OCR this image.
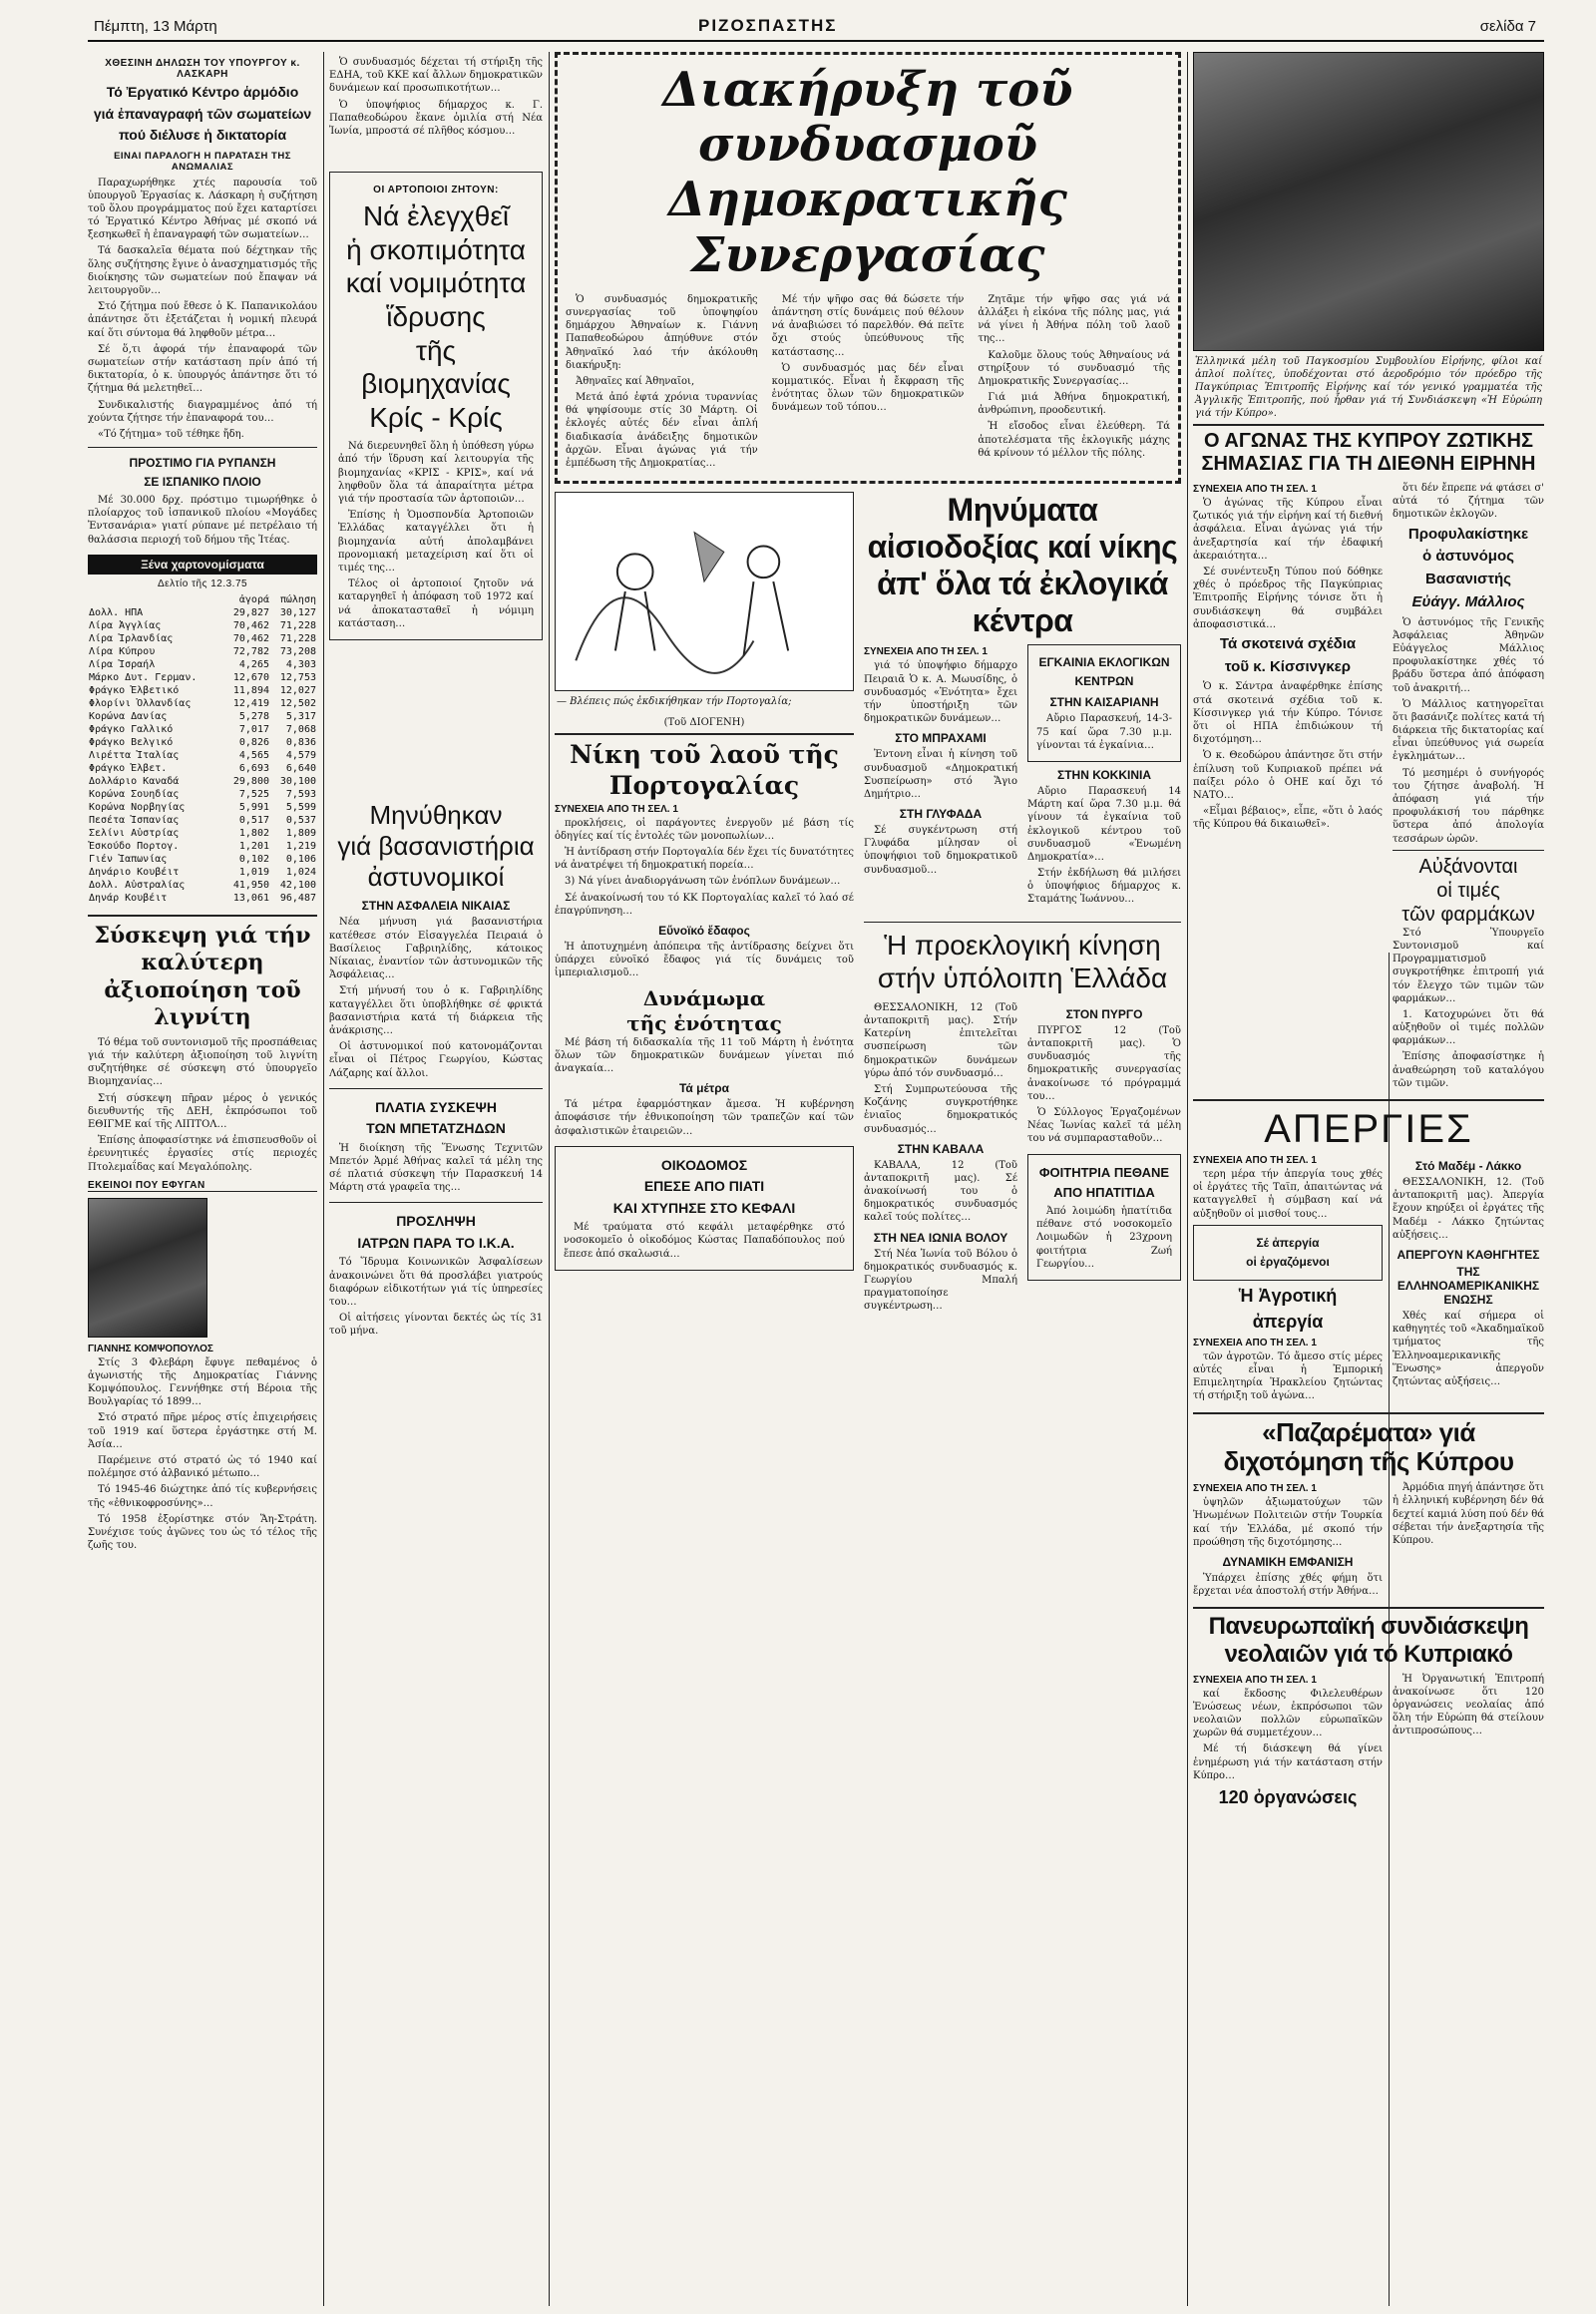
Πέμπτη, 13 Μάρτη	ΡΙΖΟΣΠΑΣΤΗΣ	σελίδα 7
ΧΘΕΣΙΝΗ ΔΗΛΩΣΗ ΤΟΥ ΥΠΟΥΡΓΟΥ κ. ΛΑΣΚΑΡΗ
Τό Ἐργατικό Κέντρο ἁρμόδιο
γιά ἐπαναγραφή τῶν σωματείων
πού διέλυσε ἡ δικτατορία
ΕΙΝΑΙ ΠΑΡΑΛΟΓΗ Η ΠΑΡΑΤΑΣΗ ΤΗΣ ΑΝΩΜΑΛΙΑΣ

Παραχωρήθηκε χτές παρουσία τοῦ ὑπουργοῦ Ἐργασίας κ. Λάσκαρη ἡ συζήτηση τοῦ ὅλου προγράμματος πού ἔχει καταρτίσει τό Ἐργατικό Κέντρο Ἀθήνας μέ σκοπό νά ξεσηκωθεῖ ἡ ἐπαναγραφή τῶν σωματείων…

Τά δασκαλεῖα θέματα πού δέχτηκαν τῆς ὅλης συζήτησης ἔγινε ὁ ἀνασχηματισμός τῆς διοίκησης τῶν σωματείων πού ἔπαψαν νά λειτουργοῦν…

Στό ζήτημα πού ἔθεσε ὁ Κ. Παπανικολάου ἀπάντησε ὅτι ἐξετάζεται ἡ νομική πλευρά καί ὅτι σύντομα θά ληφθοῦν μέτρα…

Σέ ὅ,τι ἀφορά τήν ἐπαναφορά τῶν σωματείων στήν κατάσταση πρίν ἀπό τή δικτατορία, ὁ κ. ὑπουργός ἀπάντησε ὅτι τό ζήτημα θά μελετηθεῖ…

Συνδικαλιστής διαγραμμένος ἀπό τή χούντα ζήτησε τήν ἐπαναφορά του…

«Τό ζήτημα» τοῦ τέθηκε ἤδη.

ΠΡΟΣΤΙΜΟ ΓΙΑ ΡΥΠΑΝΣΗ
ΣΕ ΙΣΠΑΝΙΚΟ ΠΛΟΙΟ

Μέ 30.000 δρχ. πρόστιμο τιμωρήθηκε ὁ πλοίαρχος τοῦ ἱσπανικοῦ πλοίου «Μογάδες Ἐντσανάρια» γιατί ρύπανε μέ πετρέλαιο τή θαλάσσια περιοχή τοῦ δήμου τῆς Ἰτέας.

Ξένα χαρτονομίσματα
Δελτίο τῆς 12.3.75
	ἀγορά	πώληση
Δολλ. ΗΠΑ	29,827	30,127
Λίρα Ἀγγλίας	70,462	71,228
Λίρα Ἰρλανδίας	70,462	71,228
Λίρα Κύπρου	72,782	73,208
Λίρα Ἰσραήλ	4,265	4,303
Μάρκο Δυτ. Γερμαν.	12,670	12,753
Φράγκο Ἑλβετικό	11,894	12,027
Φλορίνι Ὁλλανδίας	12,419	12,502
Κορώνα Δανίας	5,278	5,317
Φράγκο Γαλλικό	7,017	7,068
Φράγκο Βελγικό	0,826	0,836
Λιρέττα Ἰταλίας	4,565	4,579
Φράγκο Ἑλβετ.	6,693	6,640
Δολλάριο Καναδά	29,800	30,100
Κορώνα Σουηδίας	7,525	7,593
Κορώνα Νορβηγίας	5,991	5,599
Πεσέτα Ἰσπανίας	0,517	0,537
Σελίνι Αὐστρίας	1,802	1,809
Ἐσκούδο Πορτογ.	1,201	1,219
Γιέν Ἰαπωνίας	0,102	0,106
Δηνάριο Κουβέιτ	1,019	1,024
Δολλ. Αὐστραλίας	41,950	42,100
Δηνάρ Κουβέιτ	13,061	96,487
Σύσκεψη γιά τήν καλύτερη
ἀξιοποίηση τοῦ λιγνίτη

Τό θέμα τοῦ συντονισμοῦ τῆς προσπάθειας γιά τήν καλύτερη ἀξιοποίηση τοῦ λιγνίτη συζητήθηκε σέ σύσκεψη στό ὑπουργεῖο Βιομηχανίας…

Στή σύσκεψη πῆραν μέρος ὁ γενικός διευθυντής τῆς ΔΕΗ, ἐκπρόσωποι τοῦ ΕΘΙΓΜΕ καί τῆς ΛΙΠΤΟΛ…

Ἐπίσης ἀποφασίστηκε νά ἐπισπευσθοῦν οἱ ἐρευνητικές ἐργασίες στίς περιοχές Πτολεμαΐδας καί Μεγαλόπολης.

ΕΚΕΙΝΟΙ ΠΟΥ ΕΦΥΓΑΝ
ΓΙΑΝΝΗΣ ΚΟΜΨΟΠΟΥΛΟΣ

Στίς 3 Φλεβάρη ἔφυγε πεθαμένος ὁ ἀγωνιστής τῆς Δημοκρατίας Γιάννης Κομψόπουλος. Γεννήθηκε στή Βέροια τῆς Βουλγαρίας τό 1899…

Στό στρατό πῆρε μέρος στίς ἐπιχειρήσεις τοῦ 1919 καί ὕστερα ἐργάστηκε στή Μ. Ἀσία…

Παρέμεινε στό στρατό ὡς τό 1940 καί πολέμησε στό ἀλβανικό μέτωπο…

Τό 1945-46 διώχτηκε ἀπό τίς κυβερνήσεις τῆς «ἐθνικοφροσύνης»…

Τό 1958 ἐξορίστηκε στόν Ἅη-Στράτη. Συνέχισε τούς ἀγῶνες του ὡς τό τέλος τῆς ζωῆς του.

Ὁ συνδυασμός δέχεται τή στήριξη τῆς ΕΔΗΑ, τοῦ ΚΚΕ καί ἄλλων δημοκρατικῶν δυνάμεων καί προσωπικοτήτων…

Ὁ ὑποψήφιος δήμαρχος κ. Γ. Παπαθεοδώρου ἔκανε ὁμιλία στή Νέα Ἰωνία, μπροστά σέ πλῆθος κόσμου…

ΟΙ ΑΡΤΟΠΟΙΟΙ ΖΗΤΟΥΝ:
Νά ἐλεγχθεῖ
ἡ σκοπιμότητα
καί νομιμότητα
ἵδρυσης
τῆς βιομηχανίας
Κρίς - Κρίς

Νά διερευνηθεῖ ὅλη ἡ ὑπόθεση γύρω ἀπό τήν ἵδρυση καί λειτουργία τῆς βιομηχανίας «ΚΡΙΣ - ΚΡΙΣ», καί νά ληφθοῦν ὅλα τά ἀπαραίτητα μέτρα γιά τήν προστασία τῶν ἀρτοποιῶν…

Ἐπίσης ἡ Ὁμοσπονδία Ἀρτοποιῶν Ἑλλάδας καταγγέλλει ὅτι ἡ βιομηχανία αὐτή ἀπολαμβάνει προνομιακή μεταχείριση καί ὅτι οἱ τιμές της…

Τέλος οἱ ἀρτοποιοί ζητοῦν νά καταργηθεῖ ἡ ἀπόφαση τοῦ 1972 καί νά ἀποκατασταθεῖ ἡ νόμιμη κατάσταση…

Μηνύθηκαν
γιά βασανιστήρια
ἀστυνομικοί
ΣΤΗΝ ΑΣΦΑΛΕΙΑ ΝΙΚΑΙΑΣ

Νέα μήνυση γιά βασανιστήρια κατέθεσε στόν Εἰσαγγελέα Πειραιά ὁ Βασίλειος Γαβριηλίδης, κάτοικος Νίκαιας, ἐναντίον τῶν ἀστυνομικῶν τῆς Ἀσφάλειας…

Στή μήνυσή του ὁ κ. Γαβριηλίδης καταγγέλλει ὅτι ὑποβλήθηκε σέ φρικτά βασανιστήρια κατά τή διάρκεια τῆς ἀνάκρισης…

Οἱ ἀστυνομικοί πού κατονομάζονται εἶναι οἱ Πέτρος Γεωργίου, Κώστας Λάζαρης καί ἄλλοι.

ΠΛΑΤΙΑ ΣΥΣΚΕΨΗ
ΤΩΝ ΜΠΕΤΑΤΖΗΔΩΝ

Ἡ διοίκηση τῆς Ἕνωσης Τεχνιτῶν Μπετόν Ἀρμέ Ἀθήνας καλεῖ τά μέλη της σέ πλατιά σύσκεψη τήν Παρασκευή 14 Μάρτη στά γραφεῖα της…

ΠΡΟΣΛΗΨΗ
ΙΑΤΡΩΝ ΠΑΡΑ ΤΟ Ι.Κ.Α.

Τό Ἵδρυμα Κοινωνικῶν Ἀσφαλίσεων ἀνακοινώνει ὅτι θά προσλάβει γιατρούς διαφόρων εἰδικοτήτων γιά τίς ὑπηρεσίες του…

Οἱ αἰτήσεις γίνονται δεκτές ὡς τίς 31 τοῦ μήνα.

Διακήρυξη τοῦ συνδυασμοῦ
Δημοκρατικῆς Συνεργασίας

Ὁ συνδυασμός δημοκρατικῆς συνεργασίας τοῦ ὑποψηφίου δημάρχου Ἀθηναίων κ. Γιάννη Παπαθεοδώρου ἀπηύθυνε στόν Ἀθηναϊκό λαό τήν ἀκόλουθη διακήρυξη:

Ἀθηναῖες καί Ἀθηναῖοι,

Μετά ἀπό ἑφτά χρόνια τυραννίας θά ψηφίσουμε στίς 30 Μάρτη. Οἱ ἐκλογές αὐτές δέν εἶναι ἁπλή διαδικασία ἀνάδειξης δημοτικῶν ἀρχῶν. Εἶναι ἀγώνας γιά τήν ἐμπέδωση τῆς Δημοκρατίας…

Μέ τήν ψῆφο σας θά δώσετε τήν ἀπάντηση στίς δυνάμεις πού θέλουν νά ἀναβιώσει τό παρελθόν. Θά πεῖτε ὄχι στούς ὑπεύθυνους τῆς κατάστασης…

Ὁ συνδυασμός μας δέν εἶναι κομματικός. Εἶναι ἡ ἔκφραση τῆς ἑνότητας ὅλων τῶν δημοκρατικῶν δυνάμεων τοῦ τόπου…

Ζητᾶμε τήν ψῆφο σας γιά νά ἀλλάξει ἡ εἰκόνα τῆς πόλης μας, γιά νά γίνει ἡ Ἀθήνα πόλη τοῦ λαοῦ της…

Καλοῦμε ὅλους τούς Ἀθηναίους νά στηρίξουν τό συνδυασμό τῆς Δημοκρατικῆς Συνεργασίας…

Γιά μιά Ἀθήνα δημοκρατική, ἀνθρώπινη, προοδευτική.

Ἡ εἴσοδος εἶναι ἐλεύθερη. Τά ἀποτελέσματα τῆς ἐκλογικῆς μάχης θά κρίνουν τό μέλλον τῆς πόλης.

— Βλέπεις πώς ἐκδικήθηκαν τήν Πορτογαλία;
(Τοῦ ΔΙΟΓΕΝΗ)
Νίκη τοῦ λαοῦ τῆς Πορτογαλίας
ΣΥΝΕΧΕΙΑ ΑΠΟ ΤΗ ΣΕΛ. 1

προκλήσεις, οἱ παράγοντες ἐνεργοῦν μέ βάση τίς ὁδηγίες καί τίς ἐντολές τῶν μονοπωλίων…

Ἡ ἀντίδραση στήν Πορτογαλία δέν ἔχει τίς δυνατότητες νά ἀνατρέψει τή δημοκρατική πορεία…

3) Νά γίνει ἀναδιοργάνωση τῶν ἐνόπλων δυνάμεων…

Σέ ἀνακοίνωσή του τό ΚΚ Πορτογαλίας καλεῖ τό λαό σέ ἐπαγρύπνηση…

Εὔνοϊκό ἔδαφος

Ἡ ἀποτυχημένη ἀπόπειρα τῆς ἀντίδρασης δείχνει ὅτι ὑπάρχει εὐνοϊκό ἔδαφος γιά τίς δυνάμεις τοῦ ἰμπεριαλισμοῦ…

Δυνάμωμα
τῆς ἑνότητας

Μέ βάση τή διδασκαλία τῆς 11 τοῦ Μάρτη ἡ ἑνότητα ὅλων τῶν δημοκρατικῶν δυνάμεων γίνεται πιό ἀναγκαία…

Τά μέτρα

Τά μέτρα ἐφαρμόστηκαν ἄμεσα. Ἡ κυβέρνηση ἀποφάσισε τήν ἐθνικοποίηση τῶν τραπεζῶν καί τῶν ἀσφαλιστικῶν ἑταιρειῶν…

ΟΙΚΟΔΟΜΟΣ
ΕΠΕΣΕ ΑΠΟ ΠΙΑΤΙ
ΚΑΙ ΧΤΥΠΗΣΕ ΣΤΟ ΚΕΦΑΛΙ

Μέ τραύματα στό κεφάλι μεταφέρθηκε στό νοσοκομεῖο ὁ οἰκοδόμος Κώστας Παπαδόπουλος πού ἔπεσε ἀπό σκαλωσιά…

Μηνύματα αἰσιοδοξίας καί νίκης
ἀπ' ὅλα τά ἐκλογικά κέντρα
ΣΥΝΕΧΕΙΑ ΑΠΟ ΤΗ ΣΕΛ. 1

γιά τό ὑποψήφιο δήμαρχο Πειραιᾶ Ὁ κ. Α. Μωυσίδης, ὁ συνδυασμός «Ἑνότητα» ἔχει τήν ὑποστήριξη τῶν δημοκρατικῶν δυνάμεων…

ΣΤΟ ΜΠΡΑΧΑΜΙ

Ἐντονη εἶναι ἡ κίνηση τοῦ συνδυασμοῦ «Δημοκρατική Συσπείρωση» στό Ἅγιο Δημήτριο…

ΣΤΗ ΓΛΥΦΑΔΑ

Σέ συγκέντρωση στή Γλυφάδα μίλησαν οἱ ὑποψήφιοι τοῦ δημοκρατικοῦ συνδυασμοῦ…

ΕΓΚΑΙΝΙΑ ΕΚΛΟΓΙΚΩΝ
ΚΕΝΤΡΩΝ
ΣΤΗΝ ΚΑΙΣΑΡΙΑΝΗ

Αὔριο Παρασκευή, 14-3-75 καί ὥρα 7.30 μ.μ. γίνονται τά ἐγκαίνια…

ΣΤΗΝ ΚΟΚΚΙΝΙΑ

Αὔριο Παρασκευή 14 Μάρτη καί ὥρα 7.30 μ.μ. θά γίνουν τά ἐγκαίνια τοῦ ἐκλογικοῦ κέντρου τοῦ συνδυασμοῦ «Ἑνωμένη Δημοκρατία»…

Στήν ἐκδήλωση θά μιλήσει ὁ ὑποψήφιος δήμαρχος κ. Σταμάτης Ἰωάννου…

Ἡ προεκλογική κίνηση
στήν ὑπόλοιπη Ἑλλάδα

ΘΕΣΣΑΛΟΝΙΚΗ, 12 (Τοῦ ἀνταποκριτῆ μας). Στήν Κατερίνη ἐπιτελεῖται συσπείρωση τῶν δημοκρατικῶν δυνάμεων γύρω ἀπό τόν συνδυασμό…

Στή Συμπρωτεύουσα τῆς Κοζάνης συγκροτήθηκε ἑνιαῖος δημοκρατικός συνδυασμός…

ΣΤΗΝ ΚΑΒΑΛΑ

ΚΑΒΑΛΑ, 12 (Τοῦ ἀνταποκριτῆ μας). Σέ ἀνακοίνωσή του ὁ δημοκρατικός συνδυασμός καλεῖ τούς πολίτες…

ΣΤΗ ΝΕΑ ΙΩΝΙΑ ΒΟΛΟΥ

Στή Νέα Ἰωνία τοῦ Βόλου ὁ δημοκρατικός συνδυασμός κ. Γεωργίου Μπαλή πραγματοποίησε συγκέντρωση…

ΣΤΟΝ ΠΥΡΓΟ

ΠΥΡΓΟΣ 12 (Τοῦ ἀνταποκριτῆ μας). Ὁ συνδυασμός τῆς δημοκρατικῆς συνεργασίας ἀνακοίνωσε τό πρόγραμμά του…

Ὁ Σύλλογος Ἐργαζομένων Νέας Ἰωνίας καλεῖ τά μέλη του νά συμπαρασταθοῦν…

ΦΟΙΤΗΤΡΙΑ ΠΕΘΑΝΕ
ΑΠΟ ΗΠΑΤΙΤΙΔΑ

Ἀπό λοιμώδη ἡπατίτιδα πέθανε στό νοσοκομεῖο Λοιμωδῶν ἡ 23χρονη φοιτήτρια Ζωή Γεωργίου…

Ἑλληνικά μέλη τοῦ Παγκοσμίου Συμβουλίου Εἰρήνης, φίλοι καί ἀπλοί πολίτες, ὑποδέχονται στό ἀεροδρόμιο τόν πρόεδρο τῆς Παγκύπριας Ἐπιτροπῆς Εἰρήνης καί τόν γενικό γραμματέα τῆς Ἀγγλικῆς Ἐπιτροπῆς, πού ἦρθαν γιά τή Συνδιάσκεψη «Ἡ Εὐρώπη γιά τήν Κύπρο».
Ο ΑΓΩΝΑΣ ΤΗΣ ΚΥΠΡΟΥ ΖΩΤΙΚΗΣ
ΣΗΜΑΣΙΑΣ ΓΙΑ ΤΗ ΔΙΕΘΝΗ ΕΙΡΗΝΗ
ΣΥΝΕΧΕΙΑ ΑΠΟ ΤΗ ΣΕΛ. 1

Ὁ ἀγώνας τῆς Κύπρου εἶναι ζωτικός γιά τήν εἰρήνη καί τή διεθνή ἀσφάλεια. Εἶναι ἀγώνας γιά τήν ἀνεξαρτησία καί τήν ἐδαφική ἀκεραιότητα…

Σέ συνέντευξη Τύπου πού δόθηκε χθές ὁ πρόεδρος τῆς Παγκύπριας Ἐπιτροπῆς Εἰρήνης τόνισε ὅτι ἡ συνδιάσκεψη θά συμβάλει ἀποφασιστικά…

Τά σκοτεινά σχέδια
τοῦ κ. Κίσσινγκερ

Ὁ κ. Σάντρα ἀναφέρθηκε ἐπίσης στά σκοτεινά σχέδια τοῦ κ. Κίσσινγκερ γιά τήν Κύπρο. Τόνισε ὅτι οἱ ΗΠΑ ἐπιδιώκουν τή διχοτόμηση…

Ὁ κ. Θεοδώρου ἀπάντησε ὅτι στήν ἐπίλυση τοῦ Κυπριακοῦ πρέπει νά παίξει ρόλο ὁ ΟΗΕ καί ὄχι τό ΝΑΤΟ…

«Εἶμαι βέβαιος», εἶπε, «ὅτι ὁ λαός τῆς Κύπρου θά δικαιωθεῖ».

ὅτι δέν ἔπρεπε νά φτάσει σ' αὐτά τό ζήτημα τῶν δημοτικῶν ἐκλογῶν.

Προφυλακίστηκε
ὁ ἀστυνόμος
Βασανιστής
Εὐάγγ. Μάλλιος

Ὁ ἀστυνόμος τῆς Γενικῆς Ἀσφάλειας Ἀθηνῶν Εὐάγγελος Μάλλιος προφυλακίστηκε χθές τό βράδυ ὕστερα ἀπό ἀπόφαση τοῦ ἀνακριτή…

Ὁ Μάλλιος κατηγορεῖται ὅτι βασάνιζε πολίτες κατά τή διάρκεια τῆς δικτατορίας καί εἶναι ὑπεύθυνος γιά σωρεία ἐγκλημάτων…

Τό μεσημέρι ὁ συνήγορός του ζήτησε ἀναβολή. Ἡ ἀπόφαση γιά τήν προφυλάκισή του πάρθηκε ὕστερα ἀπό ἀπολογία τεσσάρων ὡρῶν.

Αὐξάνονται
οἱ τιμές
τῶν φαρμάκων

Στό Ὑπουργεῖο Συντονισμοῦ καί Προγραμματισμοῦ συγκροτήθηκε ἐπιτροπή γιά τόν ἔλεγχο τῶν τιμῶν τῶν φαρμάκων…

1. Κατοχυρώνει ὅτι θά αὐξηθοῦν οἱ τιμές πολλῶν φαρμάκων…

Ἐπίσης ἀποφασίστηκε ἡ ἀναθεώρηση τοῦ καταλόγου τῶν τιμῶν.

ΑΠΕΡΓΙΕΣ
ΣΥΝΕΧΕΙΑ ΑΠΟ ΤΗ ΣΕΛ. 1

τερη μέρα τήν ἀπεργία τους χθές οἱ ἐργάτες τῆς Ταϊπ, ἀπαιτώντας νά καταγγελθεῖ ἡ σύμβαση καί νά αὐξηθοῦν οἱ μισθοί τους…

Σέ ἀπεργία
οἱ ἐργαζόμενοι
Ἡ Ἀγροτική
ἀπεργία
ΣΥΝΕΧΕΙΑ ΑΠΟ ΤΗ ΣΕΛ. 1

τῶν ἀγροτῶν. Τό ἄμεσο στίς μέρες αὐτές εἶναι ἡ Ἐμπορική Επιμελητηρία Ἡρακλείου ζητώντας τή στήριξη τοῦ ἀγώνα…

Στό Μαδέμ - Λάκκο

ΘΕΣΣΑΛΟΝΙΚΗ, 12. (Τοῦ ἀνταποκριτῆ μας). Ἀπεργία ἔχουν κηρύξει οἱ ἐργάτες τῆς Μαδέμ - Λάκκο ζητώντας αὐξήσεις…

ΑΠΕΡΓΟΥΝ ΚΑΘΗΓΗΤΕΣ
ΤΗΣ ΕΛΛΗΝΟΑΜΕΡΙΚΑΝΙΚΗΣ ΕΝΩΣΗΣ

Χθές καί σήμερα οἱ καθηγητές τοῦ «Ἀκαδημαϊκοῦ τμήματος τῆς Ἑλληνοαμερικανικῆς Ἕνωσης» ἀπεργοῦν ζητώντας αὐξήσεις…

«Παζαρέματα» γιά
διχοτόμηση τῆς Κύπρου
ΣΥΝΕΧΕΙΑ ΑΠΟ ΤΗ ΣΕΛ. 1

ὑψηλῶν ἀξιωματούχων τῶν Ἠνωμένων Πολιτειῶν στήν Τουρκία καί τήν Ἑλλάδα, μέ σκοπό τήν προώθηση τῆς διχοτόμησης…

ΔΥΝΑΜΙΚΗ ΕΜΦΑΝΙΣΗ

Ὑπάρχει ἐπίσης χθές φήμη ὅτι ἔρχεται νέα ἀποστολή στήν Ἀθήνα…

Ἀρμόδια πηγή ἀπάντησε ὅτι ἡ ἐλληνική κυβέρνηση δέν θά δεχτεί καμιά λύση πού δέν θά σέβεται τήν ἀνεξαρτησία τῆς Κύπρου.

Πανευρωπαϊκή συνδιάσκεψη
νεολαιῶν γιά τό Κυπριακό
ΣΥΝΕΧΕΙΑ ΑΠΟ ΤΗ ΣΕΛ. 1

καί ἔκδοσης Φιλελευθέρων Ἑνώσεως νέων, ἐκπρόσωποι τῶν νεολαιῶν πολλῶν εὐρωπαϊκῶν χωρῶν θά συμμετέχουν…

Μέ τή διάσκεψη θά γίνει ἐνημέρωση γιά τήν κατάσταση στήν Κύπρο…

120 ὀργανώσεις

Ἡ Ὀργανωτική Ἐπιτροπή ἀνακοίνωσε ὅτι 120 ὀργανώσεις νεολαίας ἀπό ὅλη τήν Εὐρώπη θά στείλουν ἀντιπροσώπους…
